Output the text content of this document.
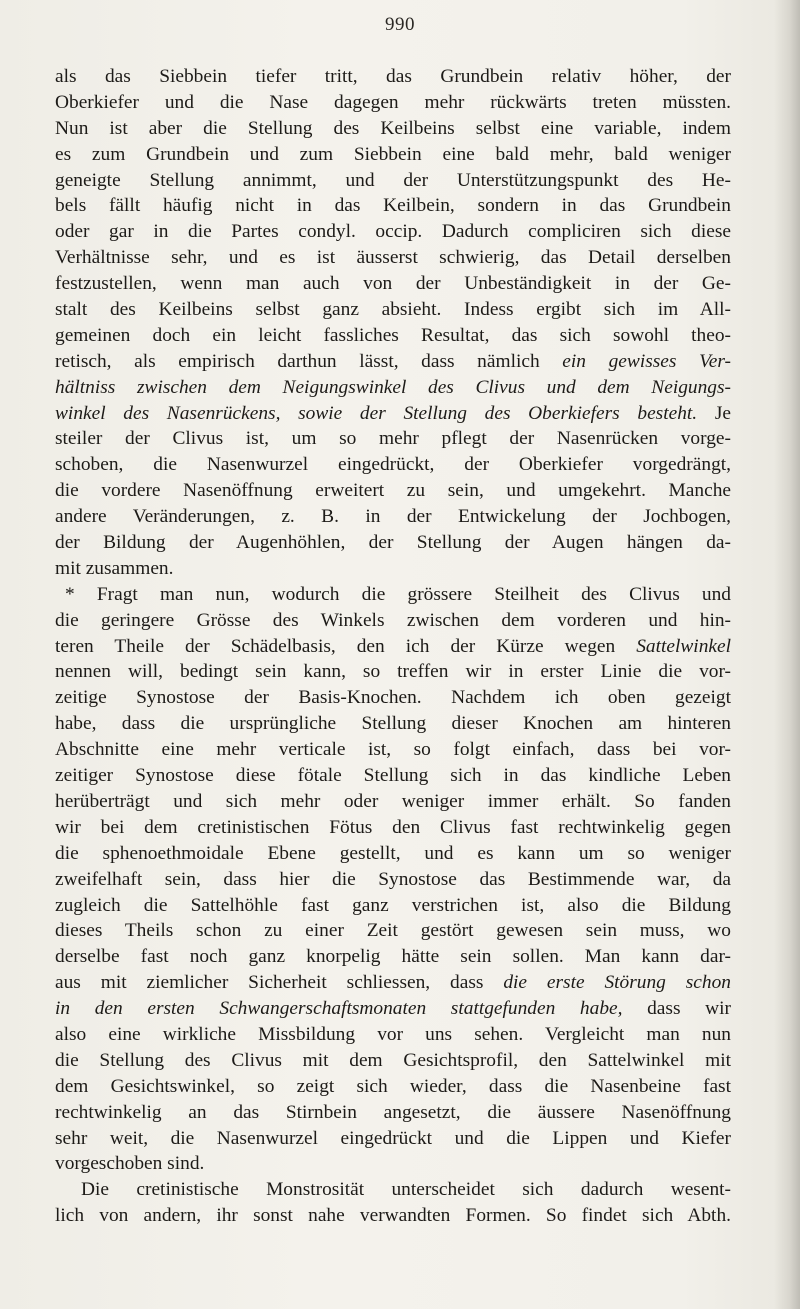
990
als das Siebbein tiefer tritt, das Grundbein relativ höher, der
Oberkiefer und die Nase dagegen mehr rückwärts treten müssten.
Nun ist aber die Stellung des Keilbeins selbst eine variable, indem
es zum Grundbein und zum Siebbein eine bald mehr, bald weniger
geneigte Stellung annimmt, und der Unterstützungspunkt des He-
bels fällt häufig nicht in das Keilbein, sondern in das Grundbein
oder gar in die Partes condyl. occip. Dadurch compliciren sich diese
Verhältnisse sehr, und es ist äusserst schwierig, das Detail derselben
festzustellen, wenn man auch von der Unbeständigkeit in der Ge-
stalt des Keilbeins selbst ganz absieht. Indess ergibt sich im All-
gemeinen doch ein leicht fassliches Resultat, das sich sowohl theo-
retisch, als empirisch darthun lässt, dass nämlich ein gewisses Ver-
hältniss zwischen dem Neigungswinkel des Clivus und dem Neigungs-
winkel des Nasenrückens, sowie der Stellung des Oberkiefers besteht. Je
steiler der Clivus ist, um so mehr pflegt der Nasenrücken vorge-
schoben, die Nasenwurzel eingedrückt, der Oberkiefer vorgedrängt,
die vordere Nasenöffnung erweitert zu sein, und umgekehrt. Manche
andere Veränderungen, z. B. in der Entwickelung der Jochbogen,
der Bildung der Augenhöhlen, der Stellung der Augen hängen da-
mit zusammen.
* Fragt man nun, wodurch die grössere Steilheit des Clivus und
die geringere Grösse des Winkels zwischen dem vorderen und hin-
teren Theile der Schädelbasis, den ich der Kürze wegen Sattelwinkel
nennen will, bedingt sein kann, so treffen wir in erster Linie die vor-
zeitige Synostose der Basis-Knochen. Nachdem ich oben gezeigt
habe, dass die ursprüngliche Stellung dieser Knochen am hinteren
Abschnitte eine mehr verticale ist, so folgt einfach, dass bei vor-
zeitiger Synostose diese fötale Stellung sich in das kindliche Leben
herüberträgt und sich mehr oder weniger immer erhält. So fanden
wir bei dem cretinistischen Fötus den Clivus fast rechtwinkelig gegen
die sphenoethmoidale Ebene gestellt, und es kann um so weniger
zweifelhaft sein, dass hier die Synostose das Bestimmende war, da
zugleich die Sattelhöhle fast ganz verstrichen ist, also die Bildung
dieses Theils schon zu einer Zeit gestört gewesen sein muss, wo
derselbe fast noch ganz knorpelig hätte sein sollen. Man kann dar-
aus mit ziemlicher Sicherheit schliessen, dass die erste Störung schon
in den ersten Schwangerschaftsmonaten stattgefunden habe, dass wir
also eine wirkliche Missbildung vor uns sehen. Vergleicht man nun
die Stellung des Clivus mit dem Gesichtsprofil, den Sattelwinkel mit
dem Gesichtswinkel, so zeigt sich wieder, dass die Nasenbeine fast
rechtwinkelig an das Stirnbein angesetzt, die äussere Nasenöffnung
sehr weit, die Nasenwurzel eingedrückt und die Lippen und Kiefer
vorgeschoben sind.
Die cretinistische Monstrosität unterscheidet sich dadurch wesent-
lich von andern, ihr sonst nahe verwandten Formen. So findet sich Abth.
